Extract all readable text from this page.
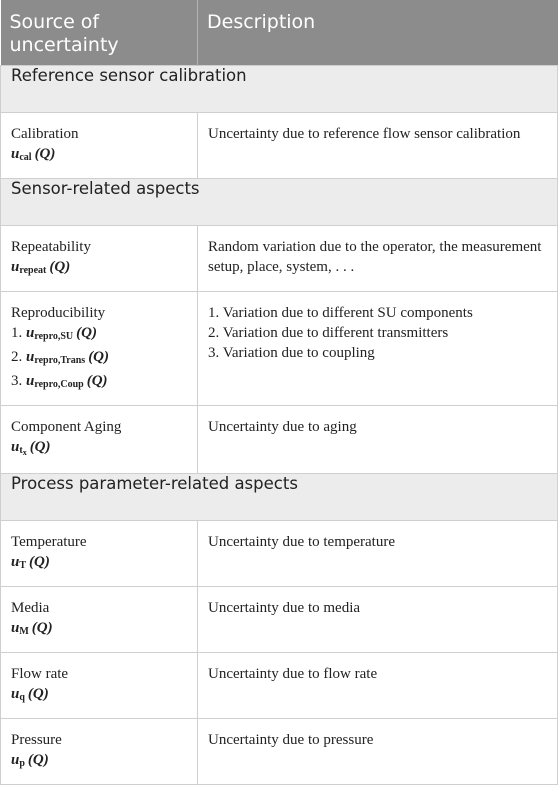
Source of uncertainty	Description
Reference sensor calibration	

Calibration
$u_{cal}$ (Q)	Uncertainty due to reference flow sensor calibration

Sensor-related aspects	

Repeatability
$u_{repeat}$ (Q)	Random variation due to the operator, the measurement setup, place, system, . . .

Reproducibility
1. $u_{repro,SU}$ (Q)
2. $u_{repro,Trans}$ (Q)
3. $u_{repro,Coup}$ (Q)	1. Variation due to different SU components
2. Variation due to different transmitters
3. Variation due to coupling

Component Aging
$u_{t_x}$ (Q)	Uncertainty due to aging

Process parameter-related aspects	

Temperature
$u_T$ (Q)	Uncertainty due to temperature

Media
$u_M$ (Q)	Uncertainty due to media

Flow rate
$u_q$ (Q)	Uncertainty due to flow rate

Pressure
$u_p$ (Q)	Uncertainty due to pressure
